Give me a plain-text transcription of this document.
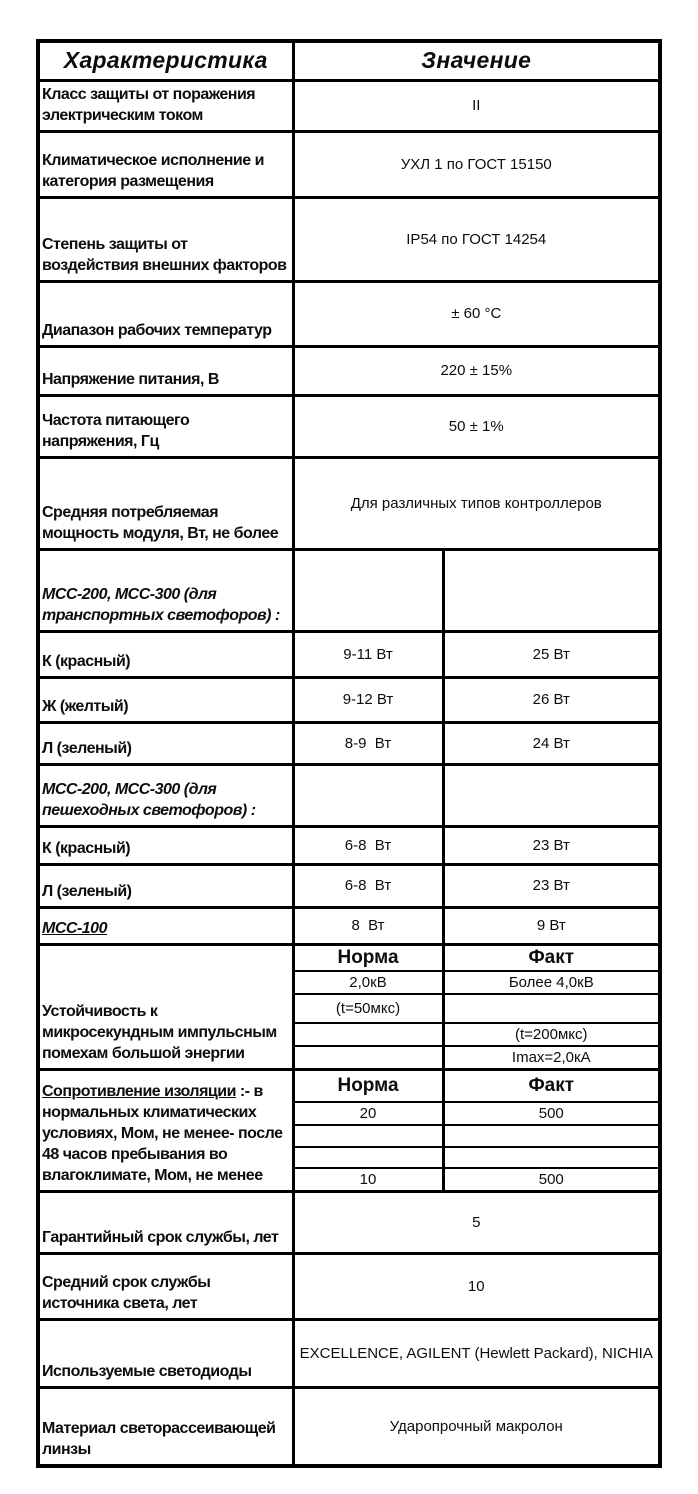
Характеристика	Значение	
Класс защиты от поражения электрическим током	II	
Климатическое исполнение и категория размещения	УХЛ 1 по ГОСТ 15150	
Степень защиты от воздействия внешних факторов	IP54 по ГОСТ 14254	
Диапазон рабочих температур	± 60 °C	
Напряжение питания, В	220 ± 15%	
Частота питающего напряжения, Гц	50 ± 1%	
Средняя потребляемая мощность модуля, Вт, не более	Для различных типов контроллеров	
МСС-200, МСС-300 (для транспортных светофоров) :		
К (красный)	9-11 Вт	25 Вт
Ж (желтый)	9-12 Вт	26 Вт
Л (зеленый)	8-9  Вт	24 Вт
МСС-200, МСС-300 (для пешеходных светофоров) :		
К (красный)	6-8  Вт	23 Вт
Л (зеленый)	6-8  Вт	23 Вт
МСС-100	8  Вт	9 Вт
Устойчивость к микросекундным импульсным помехам большой энергии	Норма	Факт
	2,0кВ	Более 4,0кВ
	(t=50мкс)	
		(t=200мкс)
		Imax=2,0кА
Сопротивление изоляции :- в нормальных климатических условиях, Мом, не менее- после 48 часов пребывания во влагоклимате, Мом, не менее	Норма	Факт
	20	500

	10	500
Гарантийный срок службы, лет	5	
Средний срок службы источника света, лет	10	
Используемые светодиоды	EXCELLENCE, AGILENT (Hewlett Packard), NICHIA	
Материал светорассеивающей линзы	Ударопрочный макролон	
